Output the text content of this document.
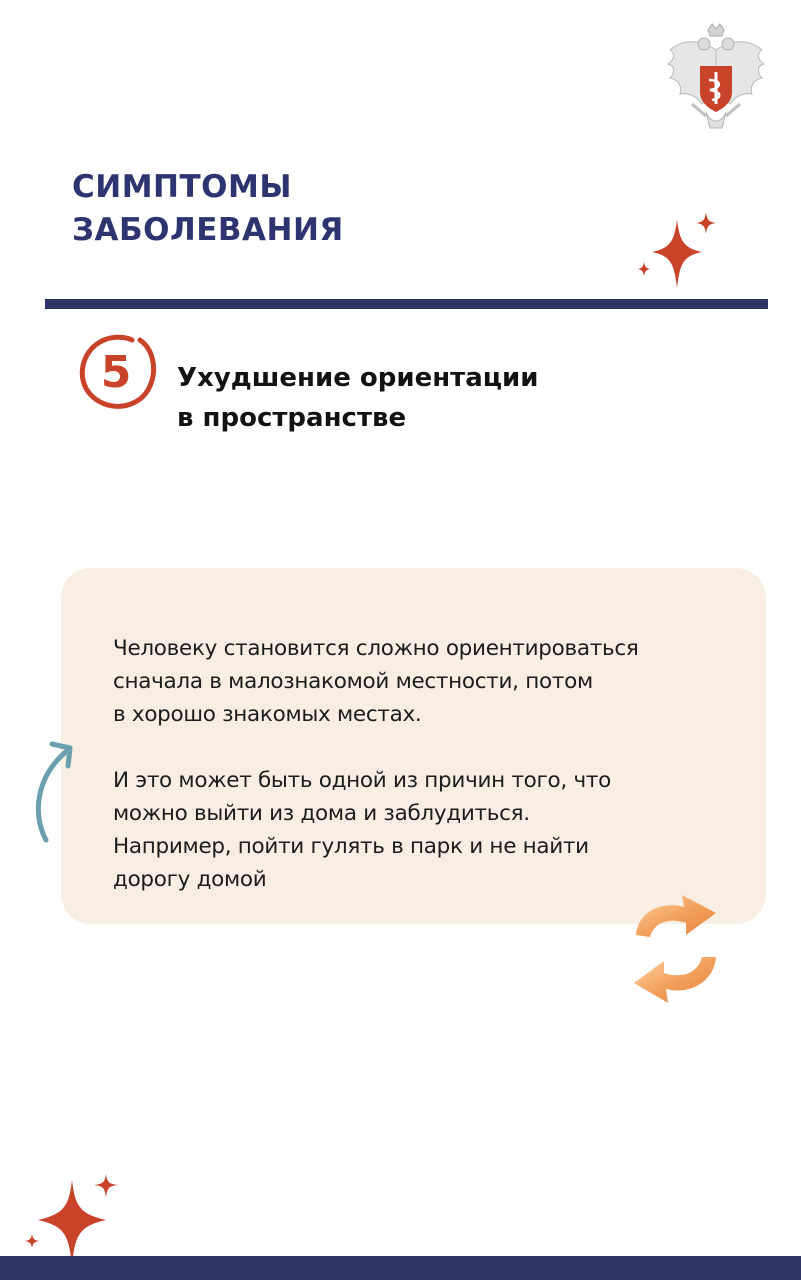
СИМПТОМЫ
ЗАБОЛЕВАНИЯ
5	Ухудшение ориентации
в пространстве

Человеку становится сложно ориентироваться
сначала в малознакомой местности, потом
в хорошо знакомых местах.

И это может быть одной из причин того, что
можно выйти из дома и заблудиться.
Например, пойти гулять в парк и не найти
дорогу домой
